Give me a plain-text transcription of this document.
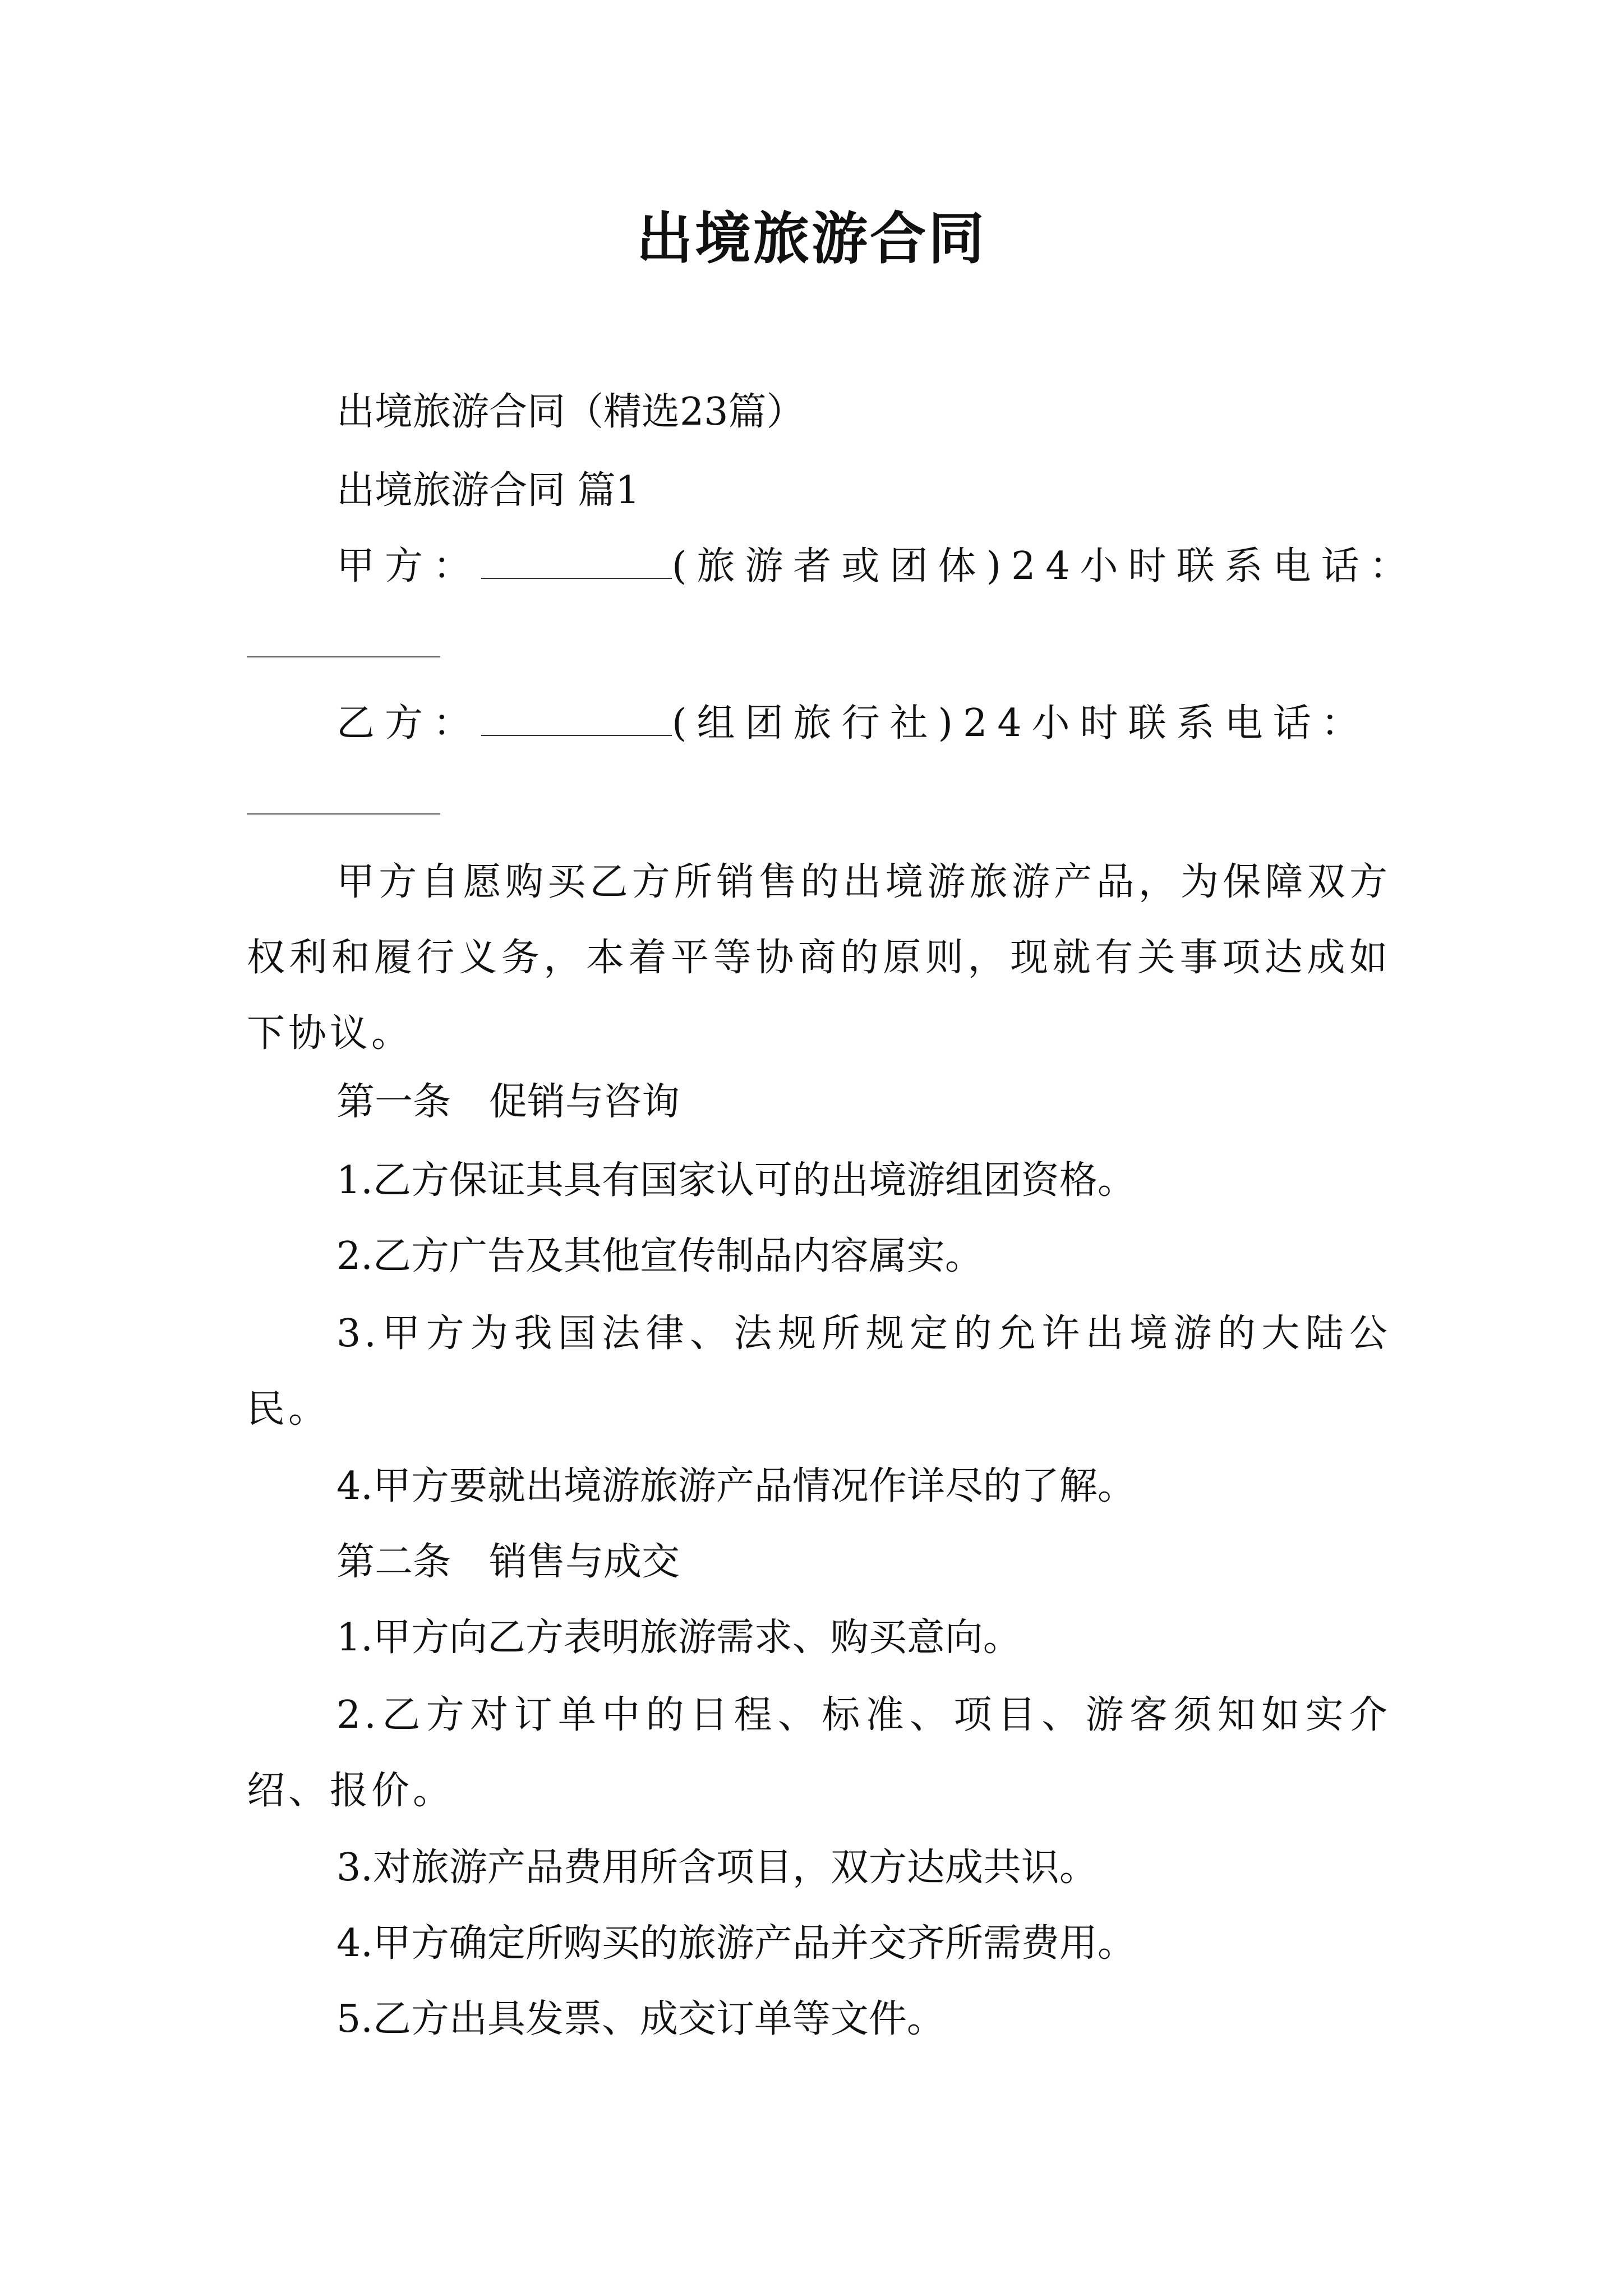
出境旅游合同
出境旅游合同（精选23篇）
出境旅游合同 篇1
甲方：	(旅游者或团体)24小时联系电话：
乙方：	(组团旅行社)24小时联系电话：
甲方自愿购买乙方所销售的出境游旅游产品，为保障双方权利和履行义务，本着平等协商的原则，现就有关事项达成如下协议。
第一条　促销与咨询
1.乙方保证其具有国家认可的出境游组团资格。
2.乙方广告及其他宣传制品内容属实。
3.甲方为我国法律、法规所规定的允许出境游的大陆公民。
4.甲方要就出境游旅游产品情况作详尽的了解。
第二条　销售与成交
1.甲方向乙方表明旅游需求、购买意向。
2.乙方对订单中的日程、标准、项目、游客须知如实介绍、报价。
3.对旅游产品费用所含项目，双方达成共识。
4.甲方确定所购买的旅游产品并交齐所需费用。
5.乙方出具发票、成交订单等文件。
